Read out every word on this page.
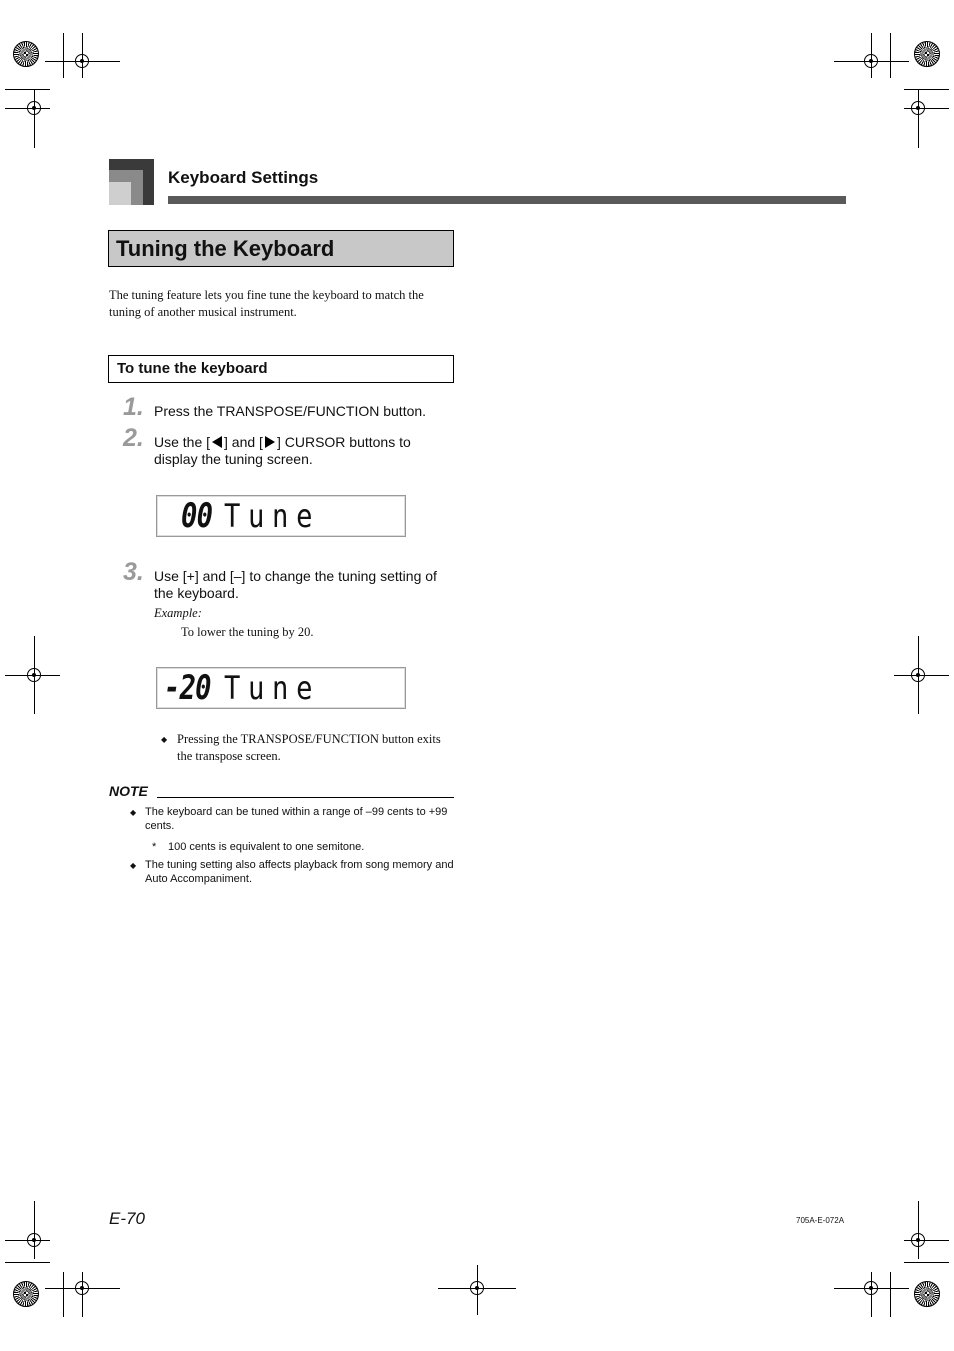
Keyboard Settings
Tuning the Keyboard
The tuning feature lets you fine tune the keyboard to match the tuning of another musical instrument.
To tune the keyboard
1. Press the TRANSPOSE/FUNCTION button.
2. Use the [ ] and [ ] CURSOR buttons to display the tuning screen.
00 Tune
3. Use [+] and [–] to change the tuning setting of the keyboard.
Example:
To lower the tuning by 20.
-20 Tune
◆ Pressing the TRANSPOSE/FUNCTION button exits the transpose screen.
NOTE
◆ The keyboard can be tuned within a range of –99 cents to +99 cents.
*	100 cents is equivalent to one semitone.
◆ The tuning setting also affects playback from song memory and Auto Accompaniment.
E-70	705A-E-072A
